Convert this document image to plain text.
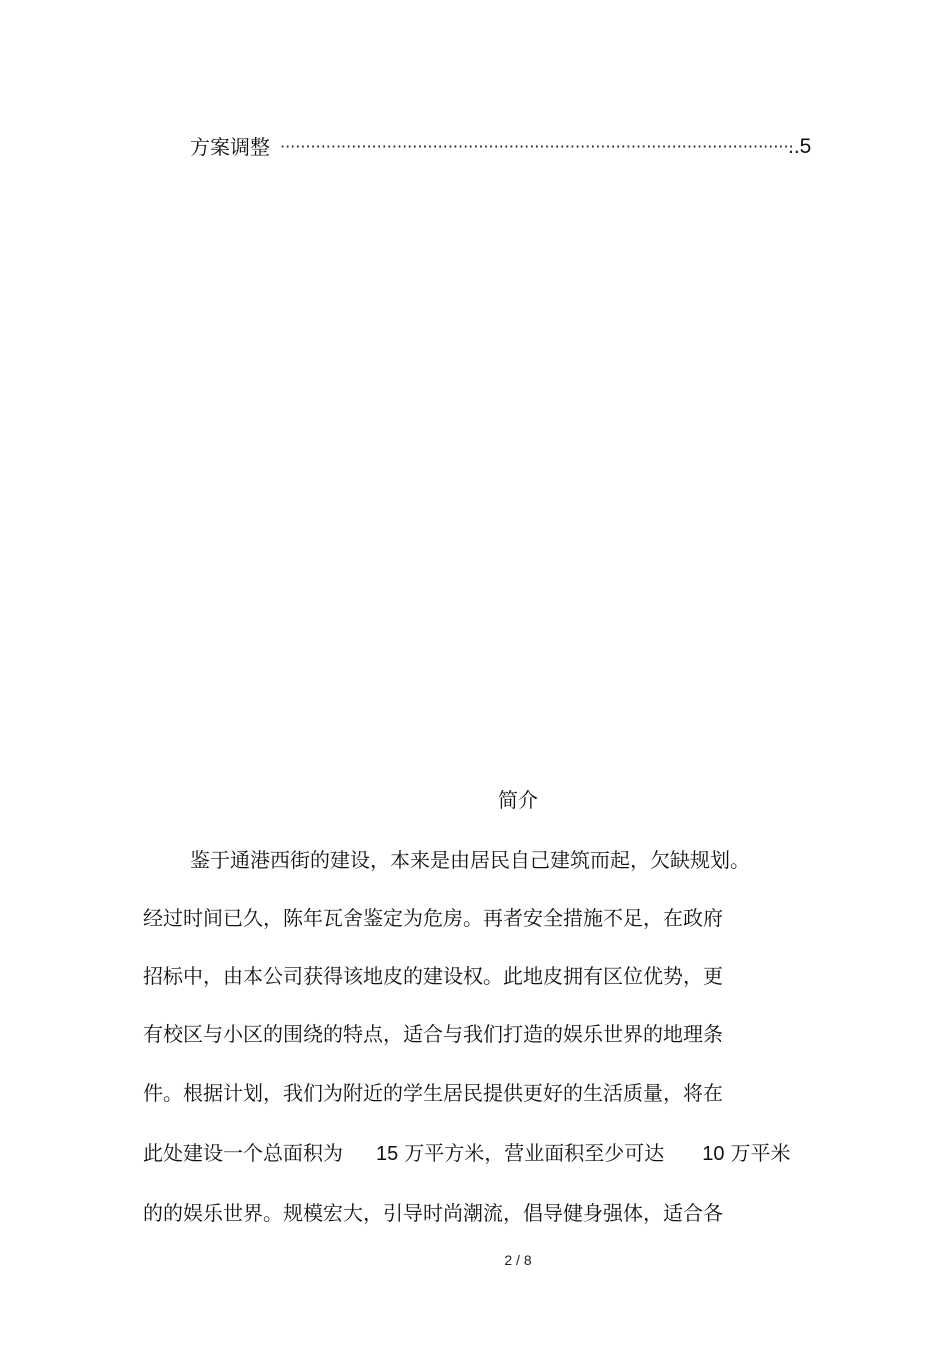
方案调整 ·····································································································
..5
简介
鉴于通港西街的建设，本来是由居民自己建筑而起，欠缺规划。
经过时间已久，陈年瓦舍鉴定为危房。再者安全措施不足，在政府
招标中，由本公司获得该地皮的建设权。此地皮拥有区位优势，更
有校区与小区的围绕的特点，适合与我们打造的娱乐世界的地理条
件。根据计划，我们为附近的学生居民提供更好的生活质量，将在
此处建设一个总面积为 15 万平方米，营业面积至少可达 10 万平米
的的娱乐世界。规模宏大，引导时尚潮流，倡导健身强体，适合各
2 / 8
